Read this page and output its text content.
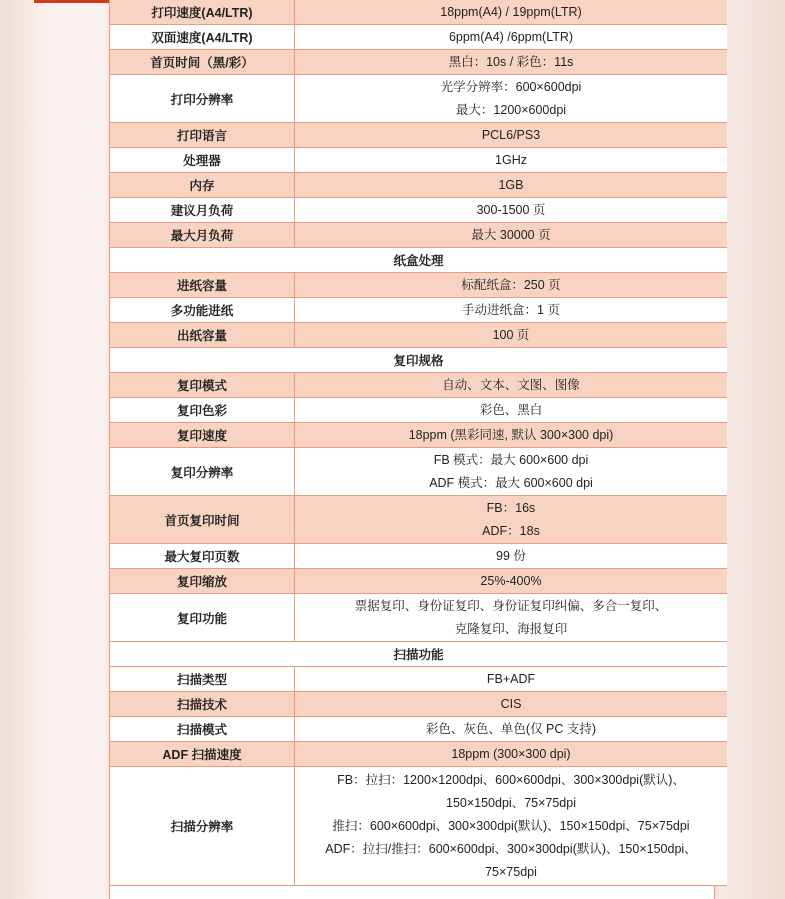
打印速度(A4/LTR)	18ppm(A4) / 19ppm(LTR)

双面速度(A4/LTR)	6ppm(A4) /6ppm(LTR)

首页时间（黑/彩）	黑白：10s / 彩色：11s

打印分辨率	光学分辨率：600×600dpi
最大：1200×600dpi

打印语言	PCL6/PS3

处理器	1GHz

内存	1GB

建议月负荷	300-1500 页

最大月负荷	最大 30000 页

纸盒处理	
进纸容量	标配纸盒：250 页

多功能进纸	手动进纸盒：1 页

出纸容量	100 页

复印规格	
复印模式	自动、文本、文图、图像

复印色彩	彩色、黑白

复印速度	18ppm (黑彩同速, 默认 300×300 dpi)

复印分辨率	FB 模式：最大 600×600 dpi
ADF 模式：最大 600×600 dpi

首页复印时间	FB：16s
ADF：18s

最大复印页数	99 份

复印缩放	25%-400%

复印功能	票据复印、身份证复印、身份证复印纠偏、多合一复印、
克隆复印、海报复印

扫描功能	
扫描类型	FB+ADF

扫描技术	CIS

扫描模式	彩色、灰色、单色(仅 PC 支持)

ADF 扫描速度	18ppm (300×300 dpi)

扫描分辨率	FB：拉扫：1200×1200dpi、600×600dpi、300×300dpi(默认)、
150×150dpi、75×75dpi
推扫：600×600dpi、300×300dpi(默认)、150×150dpi、75×75dpi
ADF：拉扫/推扫：600×600dpi、300×300dpi(默认)、150×150dpi、
75×75dpi
